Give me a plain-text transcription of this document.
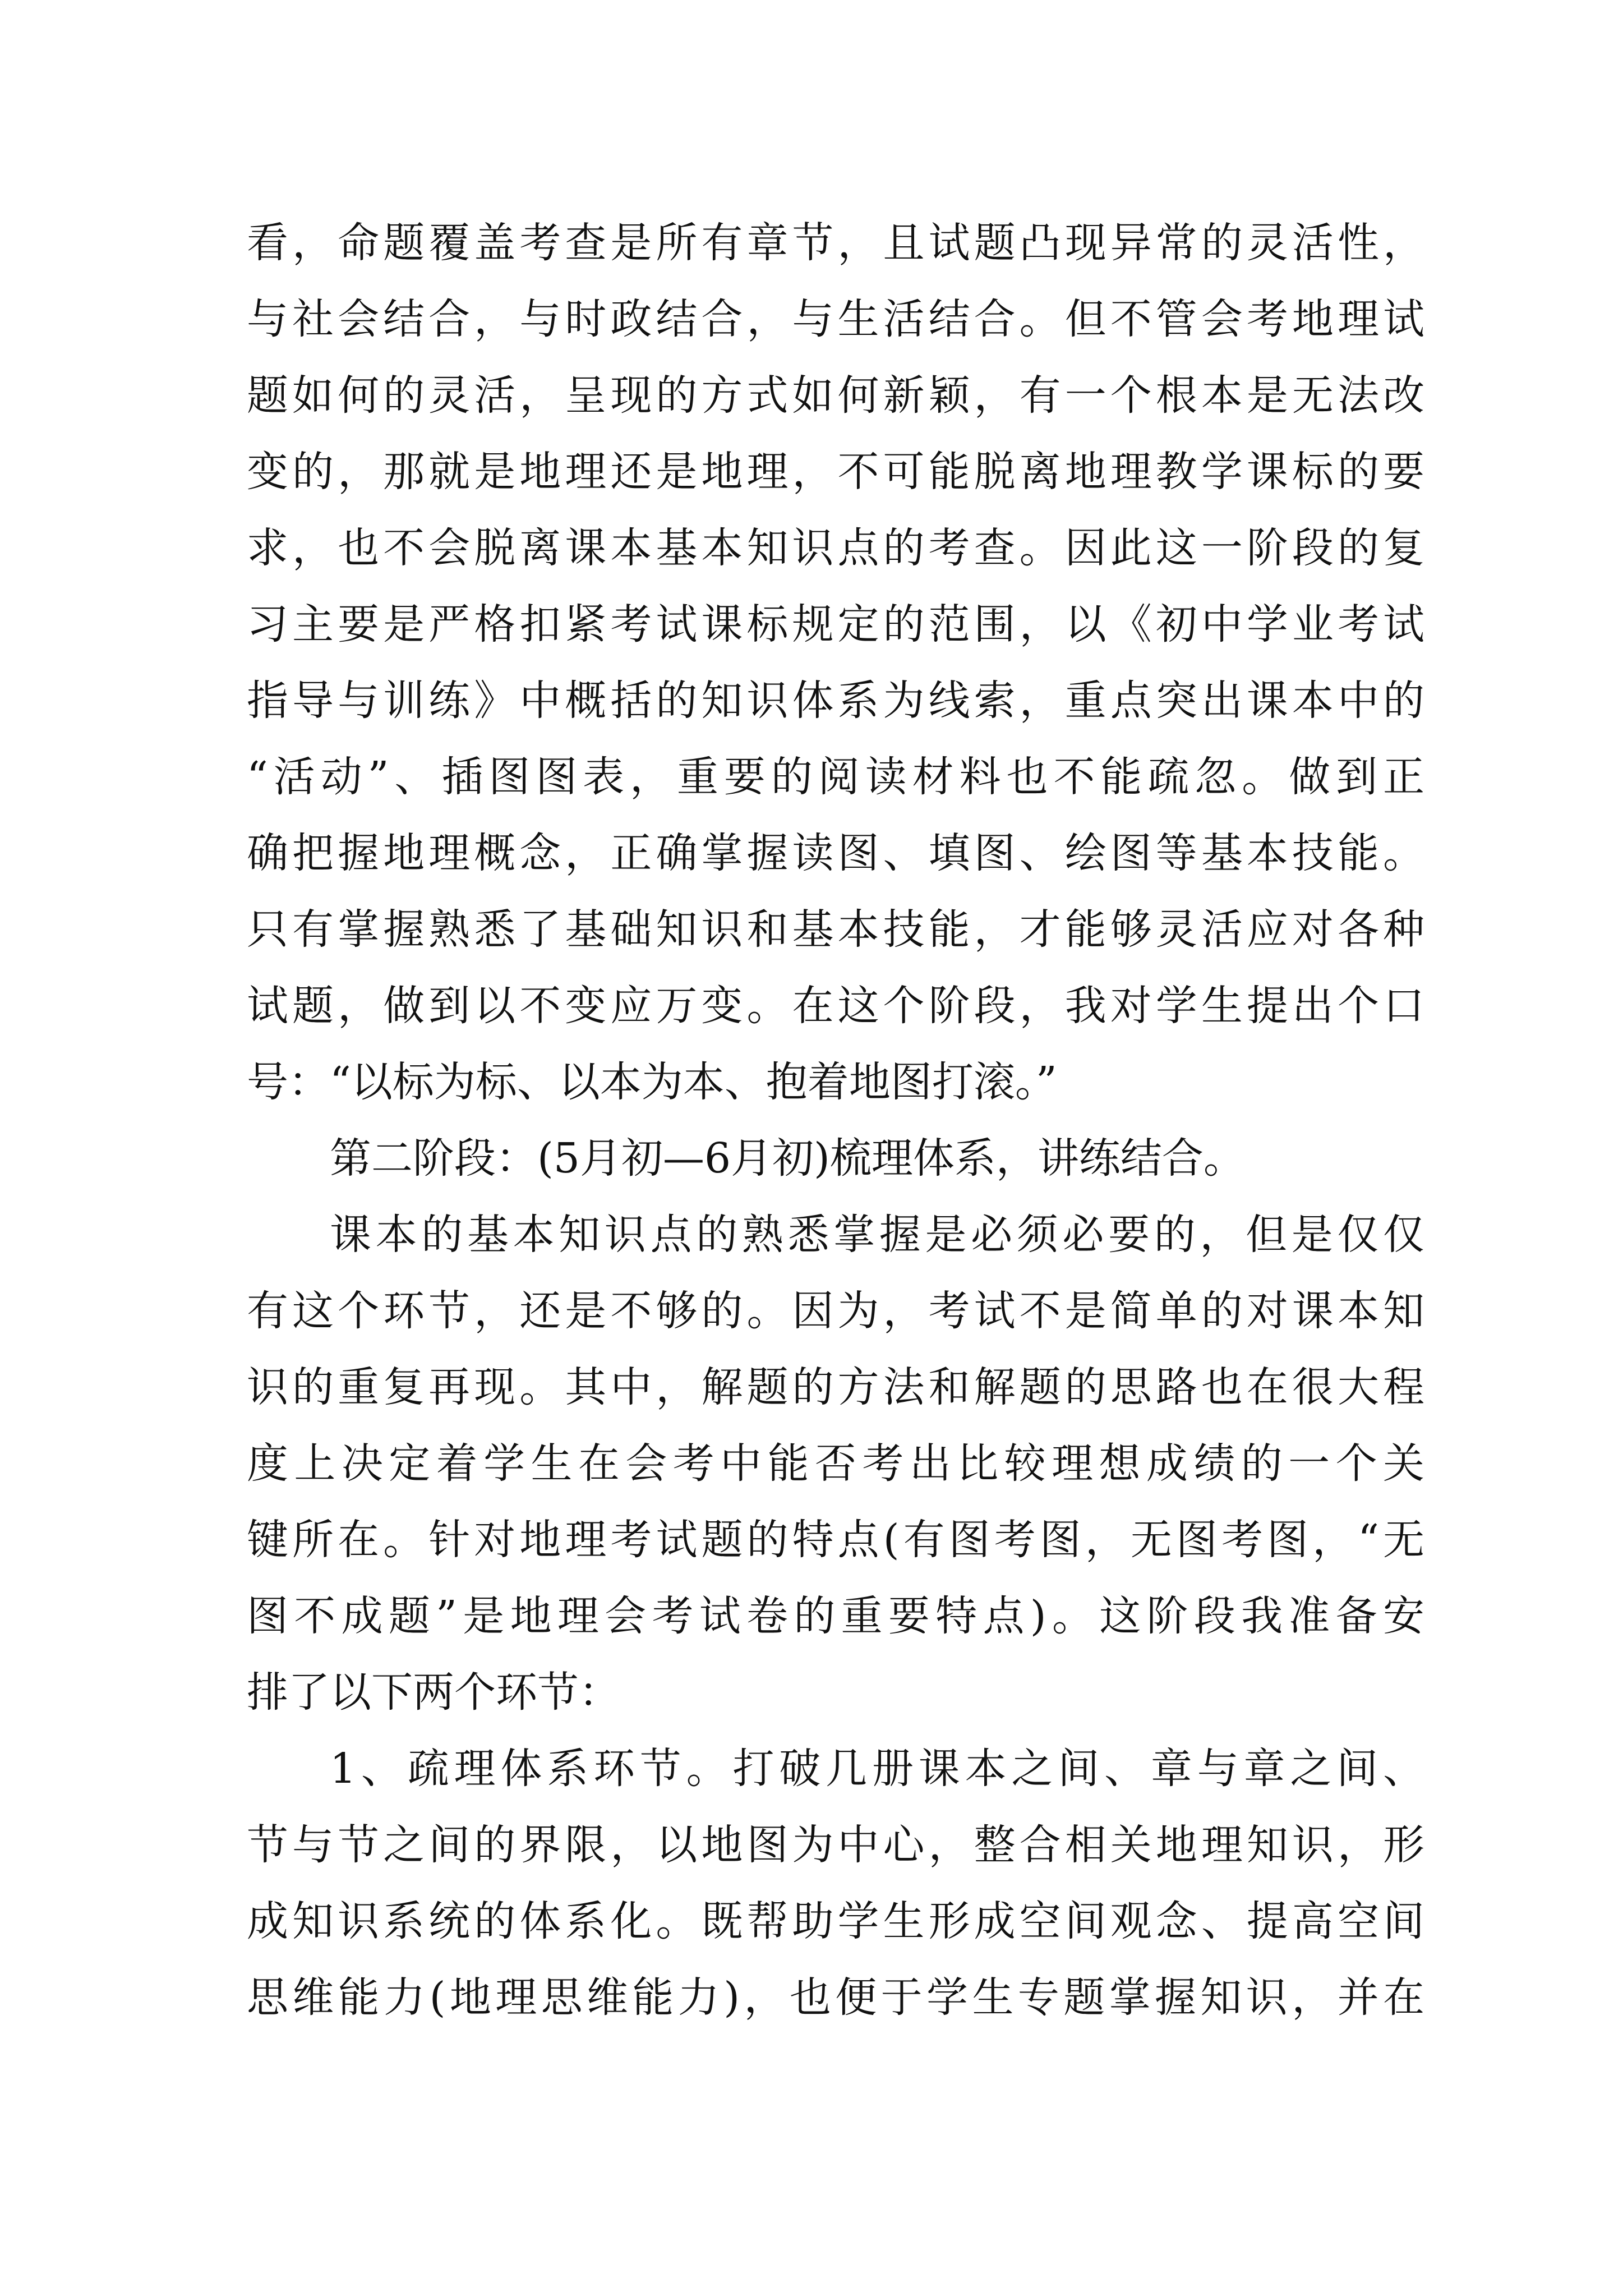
看，命题覆盖考查是所有章节，且试题凸现异常的灵活性，
与社会结合，与时政结合，与生活结合。但不管会考地理试
题如何的灵活，呈现的方式如何新颖，有一个根本是无法改
变的，那就是地理还是地理，不可能脱离地理教学课标的要
求，也不会脱离课本基本知识点的考查。因此这一阶段的复
习主要是严格扣紧考试课标规定的范围，以《初中学业考试
指导与训练》中概括的知识体系为线索，重点突出课本中的
“活动”、插图图表，重要的阅读材料也不能疏忽。做到正
确把握地理概念，正确掌握读图、填图、绘图等基本技能。
只有掌握熟悉了基础知识和基本技能，才能够灵活应对各种
试题，做到以不变应万变。在这个阶段，我对学生提出个口
号：“以标为标、以本为本、抱着地图打滚。”
第二阶段：(5月初—6月初)梳理体系，讲练结合。
课本的基本知识点的熟悉掌握是必须必要的，但是仅仅
有这个环节，还是不够的。因为，考试不是简单的对课本知
识的重复再现。其中，解题的方法和解题的思路也在很大程
度上决定着学生在会考中能否考出比较理想成绩的一个关
键所在。针对地理考试题的特点(有图考图，无图考图，“无
图不成题”是地理会考试卷的重要特点)。这阶段我准备安
排了以下两个环节：
1、疏理体系环节。打破几册课本之间、章与章之间、
节与节之间的界限，以地图为中心，整合相关地理知识，形
成知识系统的体系化。既帮助学生形成空间观念、提高空间
思维能力(地理思维能力)，也便于学生专题掌握知识，并在
